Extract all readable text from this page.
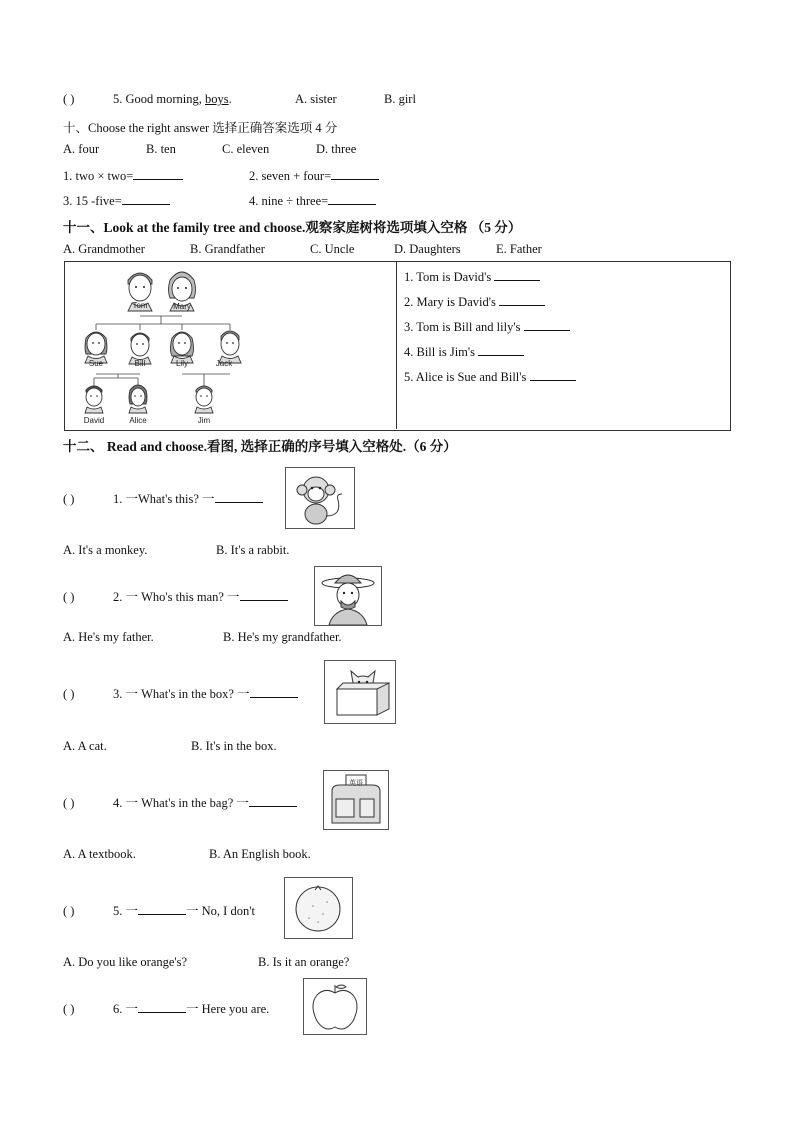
( )	5. Good morning, boys.	A. sister	B. girl
十、Choose the right answer 选择正确答案选项 4 分
A. four	B. ten	C. eleven	D. three
1. two × two=	2. seven + four=
3. 15 -five=	4. nine ÷ three=
十一、Look at the family tree and choose.观察家庭树将选项填入空格 （5 分）
A. Grandmother	B. Grandfather	C. Uncle	D. Daughters	E. Father
Tom	Mary
Sue	Bill	Lily	Jack
David	Alice	Jim
1. Tom is David's
2. Mary is David's
3. Tom is Bill and lily's
4. Bill is Jim's
5. Alice is Sue and Bill's
十二、 Read and choose.看图, 选择正确的序号填入空格处.（6 分）
( )	1. 一What's this? 一
A. It's a monkey.	B. It's a rabbit.
( )	2. 一 Who's this man? 一
A. He's my father.	B. He's my grandfather.
( )	3. 一 What's in the box? 一
A. A cat.	B. It's in the box.
( )	4. 一 What's in the bag? 一
英语
A. A textbook.	B. An English book.
( )	5. 一	一 No, I don't
A. Do you like orange's?	B. Is it an orange?
( )	6. 一	一 Here you are.
